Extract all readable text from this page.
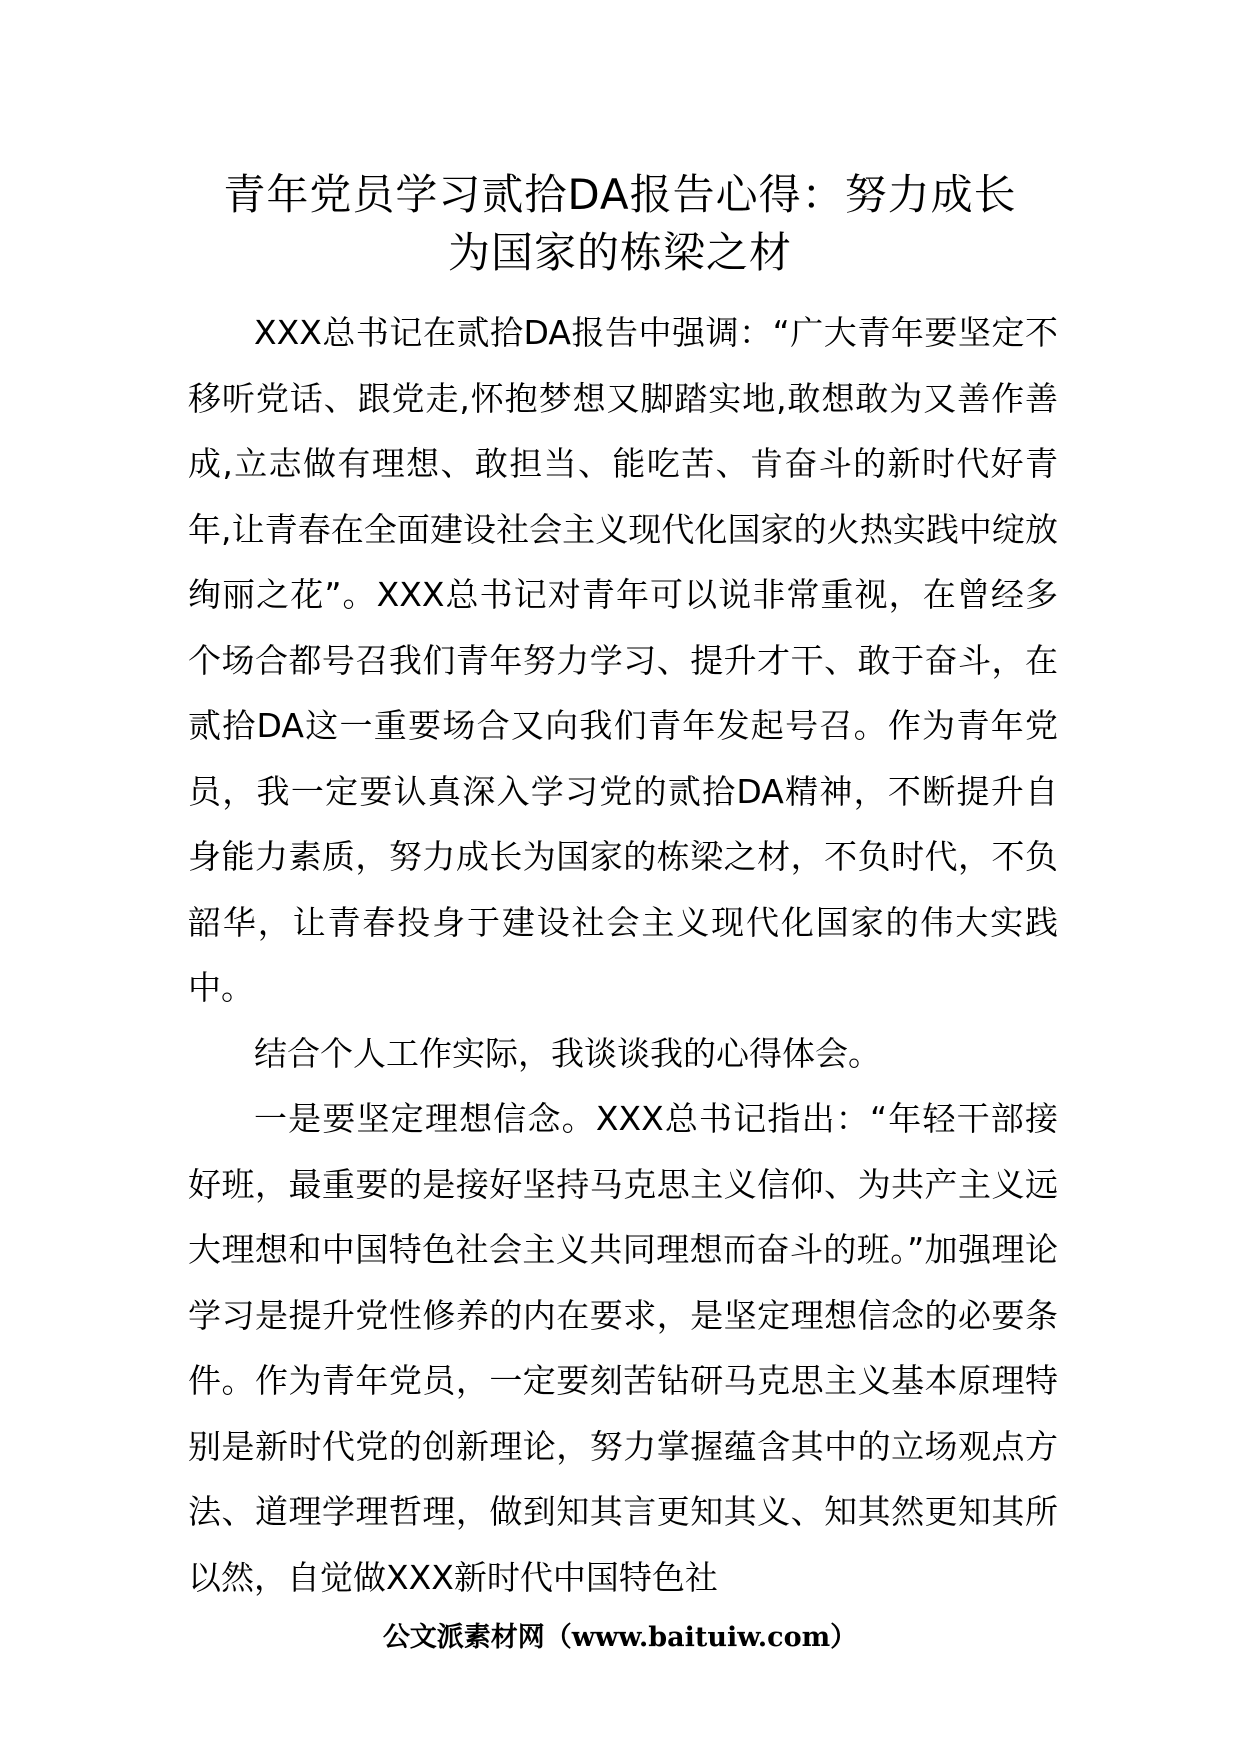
青年党员学习贰拾DA报告心得：努力成长
为国家的栋梁之材

XXX总书记在贰拾DA报告中强调：“广大青年要坚定不移听党话、跟党走,怀抱梦想又脚踏实地,敢想敢为又善作善成,立志做有理想、敢担当、能吃苦、肯奋斗的新时代好青年,让青春在全面建设社会主义现代化国家的火热实践中绽放绚丽之花”。XXX总书记对青年可以说非常重视，在曾经多个场合都号召我们青年努力学习、提升才干、敢于奋斗，在贰拾DA这一重要场合又向我们青年发起号召。作为青年党员，我一定要认真深入学习党的贰拾DA精神，不断提升自身能力素质，努力成长为国家的栋梁之材，不负时代，不负韶华，让青春投身于建设社会主义现代化国家的伟大实践中。

结合个人工作实际，我谈谈我的心得体会。

一是要坚定理想信念。XXX总书记指出：“年轻干部接好班，最重要的是接好坚持马克思主义信仰、为共产主义远大理想和中国特色社会主义共同理想而奋斗的班。”加强理论学习是提升党性修养的内在要求，是坚定理想信念的必要条件。作为青年党员，一定要刻苦钻研马克思主义基本原理特别是新时代党的创新理论，努力掌握蕴含其中的立场观点方法、道理学理哲理，做到知其言更知其义、知其然更知其所以然，自觉做XXX新时代中国特色社

公文派素材网（www.baituiw.com）
